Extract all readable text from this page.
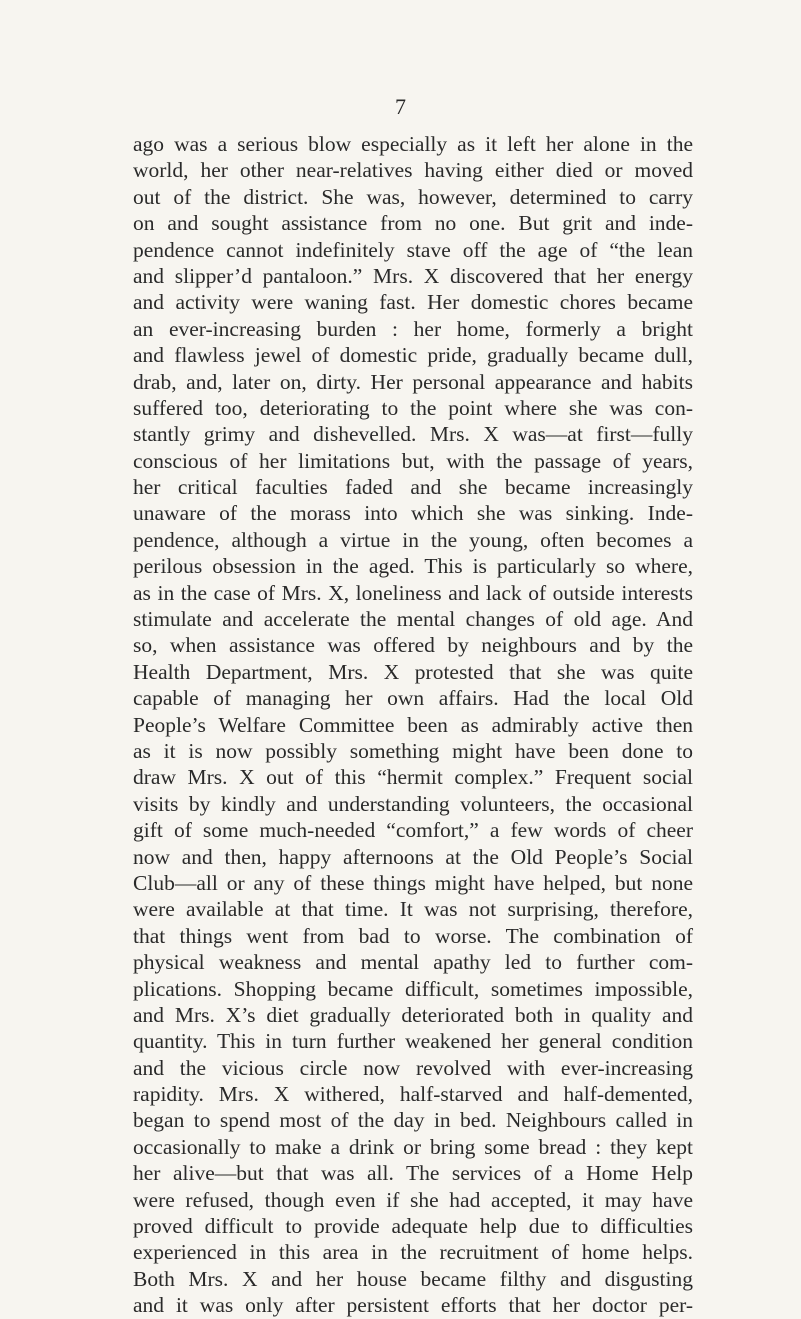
7
ago was a serious blow especially as it left her alone in the
world, her other near-relatives having either died or moved
out of the district. She was, however, determined to carry
on and sought assistance from no one. But grit and inde-
pendence cannot indefinitely stave off the age of “the lean
and slipper’d pantaloon.” Mrs. X discovered that her energy
and activity were waning fast. Her domestic chores became
an ever-increasing burden : her home, formerly a bright
and flawless jewel of domestic pride, gradually became dull,
drab, and, later on, dirty. Her personal appearance and habits
suffered too, deteriorating to the point where she was con-
stantly grimy and dishevelled. Mrs. X was—at first—fully
conscious of her limitations but, with the passage of years,
her critical faculties faded and she became increasingly
unaware of the morass into which she was sinking. Inde-
pendence, although a virtue in the young, often becomes a
perilous obsession in the aged. This is particularly so where,
as in the case of Mrs. X, loneliness and lack of outside interests
stimulate and accelerate the mental changes of old age. And
so, when assistance was offered by neighbours and by the
Health Department, Mrs. X protested that she was quite
capable of managing her own affairs. Had the local Old
People’s Welfare Committee been as admirably active then
as it is now possibly something might have been done to
draw Mrs. X out of this “hermit complex.” Frequent social
visits by kindly and understanding volunteers, the occasional
gift of some much-needed “comfort,” a few words of cheer
now and then, happy afternoons at the Old People’s Social
Club—all or any of these things might have helped, but none
were available at that time. It was not surprising, therefore,
that things went from bad to worse. The combination of
physical weakness and mental apathy led to further com-
plications. Shopping became difficult, sometimes impossible,
and Mrs. X’s diet gradually deteriorated both in quality and
quantity. This in turn further weakened her general condition
and the vicious circle now revolved with ever-increasing
rapidity. Mrs. X withered, half-starved and half-demented,
began to spend most of the day in bed. Neighbours called in
occasionally to make a drink or bring some bread : they kept
her alive—but that was all. The services of a Home Help
were refused, though even if she had accepted, it may have
proved difficult to provide adequate help due to difficulties
experienced in this area in the recruitment of home helps.
Both Mrs. X and her house became filthy and disgusting
and it was only after persistent efforts that her doctor per-
